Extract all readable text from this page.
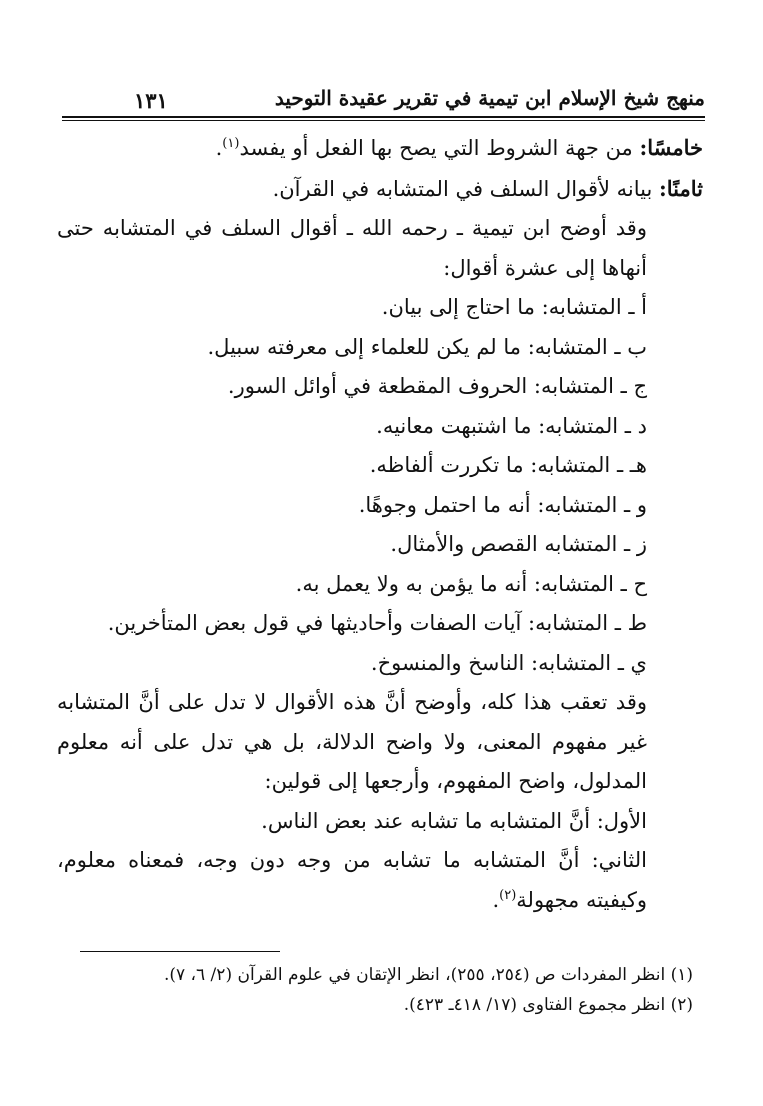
منهج شيخ الإسلام ابن تيمية في تقرير عقيدة التوحيد
١٣١

خامسًا: من جهة الشروط التي يصح بها الفعل أو يفسد$^{(١)}$.

ثامنًا: بيانه لأقوال السلف في المتشابه في القرآن.

وقد أوضح ابن تيمية ـ رحمه الله ـ أقوال السلف في المتشابه حتى أنهاها إلى عشرة أقوال:

أ ـ المتشابه: ما احتاج إلى بيان.

ب ـ المتشابه: ما لم يكن للعلماء إلى معرفته سبيل.

ج ـ المتشابه: الحروف المقطعة في أوائل السور.

د ـ المتشابه: ما اشتبهت معانيه.

هـ ـ المتشابه: ما تكررت ألفاظه.

و ـ المتشابه: أنه ما احتمل وجوهًا.

ز ـ المتشابه القصص والأمثال.

ح ـ المتشابه: أنه ما يؤمن به ولا يعمل به.

ط ـ المتشابه: آيات الصفات وأحاديثها في قول بعض المتأخرين.

ي ـ المتشابه: الناسخ والمنسوخ.

وقد تعقب هذا كله، وأوضح أنَّ هذه الأقوال لا تدل على أنَّ المتشابه غير مفهوم المعنى، ولا واضح الدلالة، بل هي تدل على أنه معلوم المدلول، واضح المفهوم، وأرجعها إلى قولين:

الأول: أنَّ المتشابه ما تشابه عند بعض الناس.

الثاني: أنَّ المتشابه ما تشابه من وجه دون وجه، فمعناه معلوم، وكيفيته مجهولة$^{(٢)}$.

(١) انظر المفردات ص (٢٥٤، ٢٥٥)، انظر الإتقان في علوم القرآن (٢/ ٦، ٧).
(٢) انظر مجموع الفتاوى (١٧/ ٤١٨ـ ٤٢٣).
